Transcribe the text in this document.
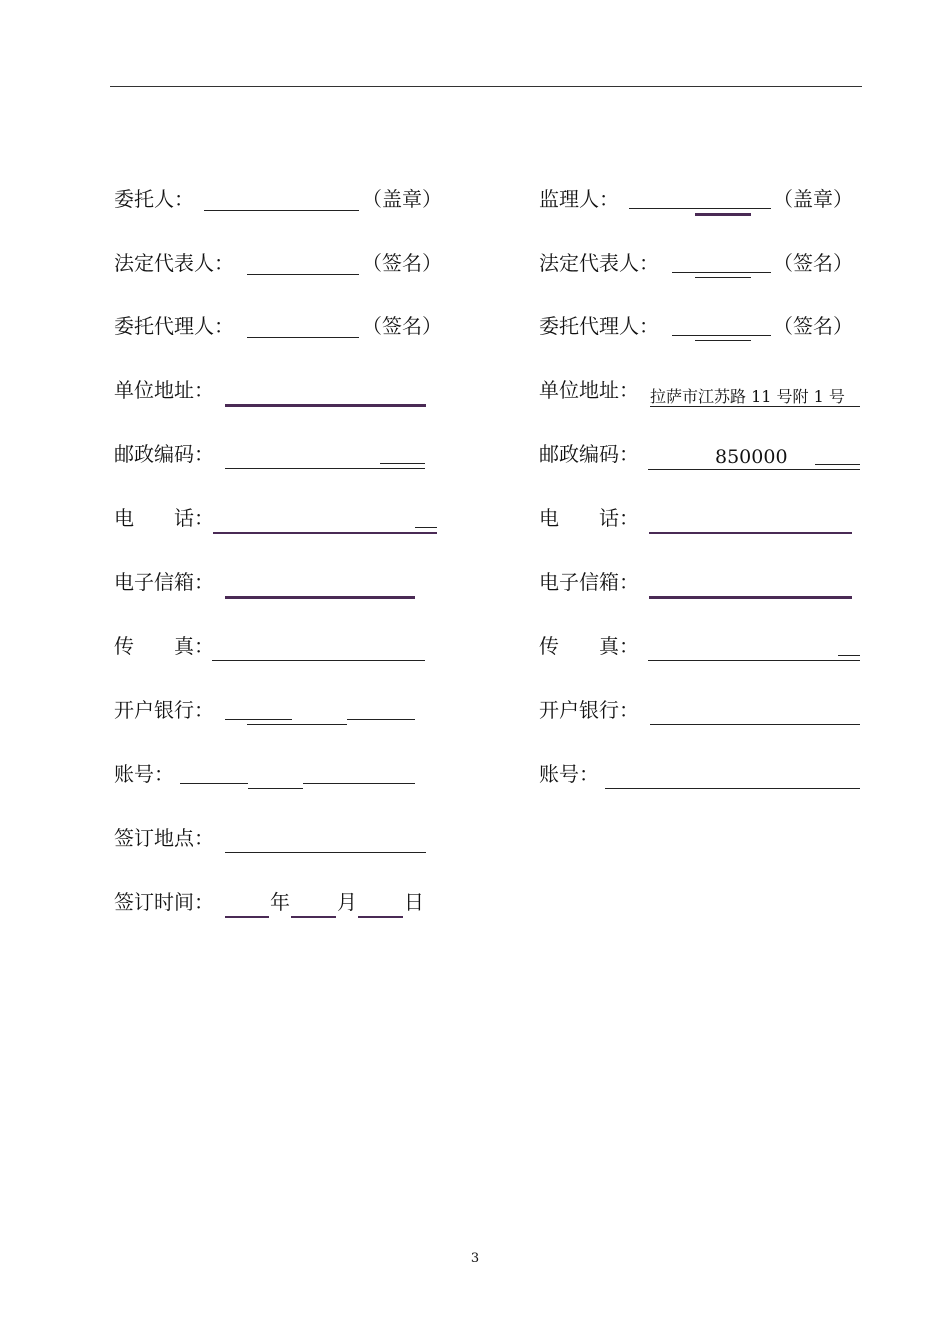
委托人：	（盖章）
法定代表人：	（签名）
委托代理人：	（签名）
单位地址：
邮政编码：
电　　话：
电子信箱：
传　　真：
开户银行：
账号：
签订地点：
签订时间：	年 月 日
监理人：	（盖章）
法定代表人：	（签名）
委托代理人：	（签名）
单位地址： 拉萨市江苏路 11 号附 1 号
邮政编码：	850000
电　　话：
电子信箱：
传　　真：
开户银行：
账号：
3
